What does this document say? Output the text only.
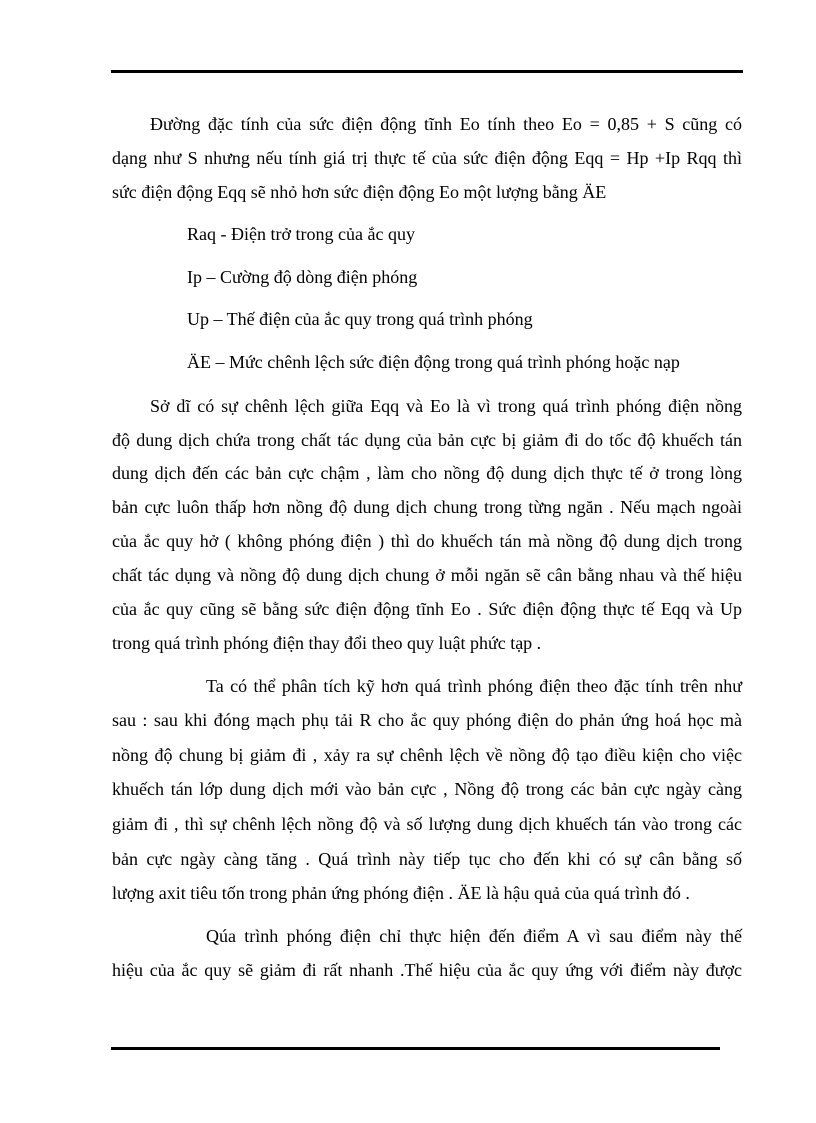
Đường đặc tính của sức điện động tĩnh Eo tính theo Eo = 0,85 + S cũng có
dạng như S nhưng nếu tính giá trị thực tế của sức điện động Eqq = Hp +Ip Rqq thì
sức điện động Eqq sẽ nhỏ hơn sức điện động Eo một lượng bằng ÄE
Raq - Điện trở trong của ắc quy
Ip – Cường độ dòng điện phóng
Up – Thế điện của ắc quy trong quá trình phóng
ÄE – Mức chênh lệch sức điện động trong quá trình phóng hoặc nạp
Sở dĩ có sự chênh lệch giữa Eqq và Eo là vì trong quá trình phóng điện nồng
độ dung dịch chứa trong chất tác dụng của bản cực bị giảm đi do tốc độ khuếch tán
dung dịch đến các bản cực chậm , làm cho nồng độ dung dịch thực tế ở trong lòng
bản cực luôn thấp hơn nồng độ dung dịch chung trong từng ngăn . Nếu mạch ngoài
của ắc quy hở ( không phóng điện ) thì do khuếch tán mà nồng độ dung dịch trong
chất tác dụng và nồng độ dung dịch chung ở mỗi ngăn sẽ cân bằng nhau và thế hiệu
của ắc quy cũng sẽ bằng sức điện động tĩnh Eo . Sức điện động thực tế Eqq và Up
trong quá trình phóng điện thay đổi theo quy luật phức tạp .
Ta có thể phân tích kỹ hơn quá trình phóng điện theo đặc tính trên như
sau : sau khi đóng mạch phụ tải R cho ắc quy phóng điện do phản ứng hoá học mà
nồng độ chung bị giảm đi , xảy ra sự chênh lệch về nồng độ tạo điều kiện cho việc
khuếch tán lớp dung dịch mới vào bản cực , Nồng độ trong các bản cực ngày càng
giảm đi , thì sự chênh lệch nồng độ và số lượng dung dịch khuếch tán vào trong các
bản cực ngày càng tăng . Quá trình này tiếp tục cho đến khi có sự cân bằng số
lượng axit tiêu tốn trong phản ứng phóng điện . ÄE là hậu quả của quá trình đó .
Qúa trình phóng điện chỉ thực hiện đến điểm A vì sau điểm này thế
hiệu của ắc quy sẽ giảm đi rất nhanh .Thế hiệu của ắc quy ứng với điểm này được
